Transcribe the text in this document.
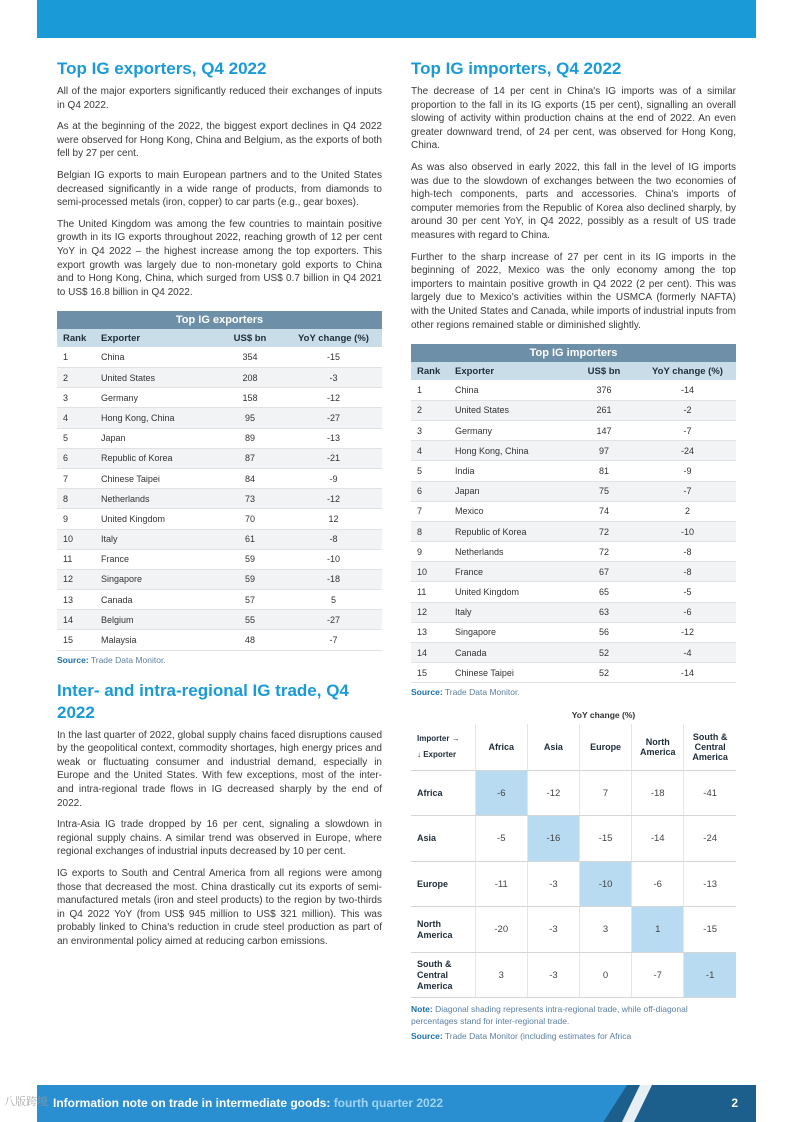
Top IG exporters, Q4 2022

All of the major exporters significantly reduced their exchanges of inputs in Q4 2022.

As at the beginning of the 2022, the biggest export declines in Q4 2022 were observed for Hong Kong, China and Belgium, as the exports of both fell by 27 per cent.

Belgian IG exports to main European partners and to the United States decreased significantly in a wide range of products, from diamonds to semi-processed metals (iron, copper) to car parts (e.g., gear boxes).

The United Kingdom was among the few countries to maintain positive growth in its IG exports throughout 2022, reaching growth of 12 per cent YoY in Q4 2022 – the highest increase among the top exporters. This export growth was largely due to non-monetary gold exports to China and to Hong Kong, China, which surged from US$ 0.7 billion in Q4 2021 to US$ 16.8 billion in Q4 2022.

Top IG exporters			
Rank	Exporter	US$ bn	YoY change (%)
1	China	354	-15
2	United States	208	-3
3	Germany	158	-12
4	Hong Kong, China	95	-27
5	Japan	89	-13
6	Republic of Korea	87	-21
7	Chinese Taipei	84	-9
8	Netherlands	73	-12
9	United Kingdom	70	12
10	Italy	61	-8
11	France	59	-10
12	Singapore	59	-18
13	Canada	57	5
14	Belgium	55	-27
15	Malaysia	48	-7
Source: Trade Data Monitor.
Inter- and intra-regional IG trade, Q4 2022

In the last quarter of 2022, global supply chains faced disruptions caused by the geopolitical context, commodity shortages, high energy prices and weak or fluctuating consumer and industrial demand, especially in Europe and the United States. With few exceptions, most of the inter- and intra-regional trade flows in IG decreased sharply by the end of 2022.

Intra-Asia IG trade dropped by 16 per cent, signaling a slowdown in regional supply chains. A similar trend was observed in Europe, where regional exchanges of industrial inputs decreased by 10 per cent.

IG exports to South and Central America from all regions were among those that decreased the most. China drastically cut its exports of semi-manufactured metals (iron and steel products) to the region by two-thirds in Q4 2022 YoY (from US$ 945 million to US$ 321 million). This was probably linked to China's reduction in crude steel production as part of an environmental policy aimed at reducing carbon emissions.

Top IG importers, Q4 2022

The decrease of 14 per cent in China's IG imports was of a similar proportion to the fall in its IG exports (15 per cent), signalling an overall slowing of activity within production chains at the end of 2022. An even greater downward trend, of 24 per cent, was observed for Hong Kong, China.

As was also observed in early 2022, this fall in the level of IG imports was due to the slowdown of exchanges between the two economies of high-tech components, parts and accessories. China's imports of computer memories from the Republic of Korea also declined sharply, by around 30 per cent YoY, in Q4 2022, possibly as a result of US trade measures with regard to China.

Further to the sharp increase of 27 per cent in its IG imports in the beginning of 2022, Mexico was the only economy among the top importers to maintain positive growth in Q4 2022 (2 per cent). This was largely due to Mexico's activities within the USMCA (formerly NAFTA) with the United States and Canada, while imports of industrial inputs from other regions remained stable or diminished slightly.

Top IG importers			
Rank	Exporter	US$ bn	YoY change (%)
1	China	376	-14
2	United States	261	-2
3	Germany	147	-7
4	Hong Kong, China	97	-24
5	India	81	-9
6	Japan	75	-7
7	Mexico	74	2
8	Republic of Korea	72	-10
9	Netherlands	72	-8
10	France	67	-8
11	United Kingdom	65	-5
12	Italy	63	-6
13	Singapore	56	-12
14	Canada	52	-4
15	Chinese Taipei	52	-14
Source: Trade Data Monitor.
YoY change (%)
Importer →
↓ Exporter	Africa	Asia	Europe	North America	South & Central America
Africa	-6	-12	7	-18	-41
Asia	-5	-16	-15	-14	-24
Europe	-11	-3	-10	-6	-13
North America	-20	-3	3	1	-15
South & Central America	3	-3	0	-7	-1
Note: Diagonal shading represents intra-regional trade, while off-diagonal percentages stand for inter-regional trade.
Source: Trade Data Monitor (including estimates for Africa
Information note on trade in intermediate goods: fourth quarter 2022	2
八版跨境
